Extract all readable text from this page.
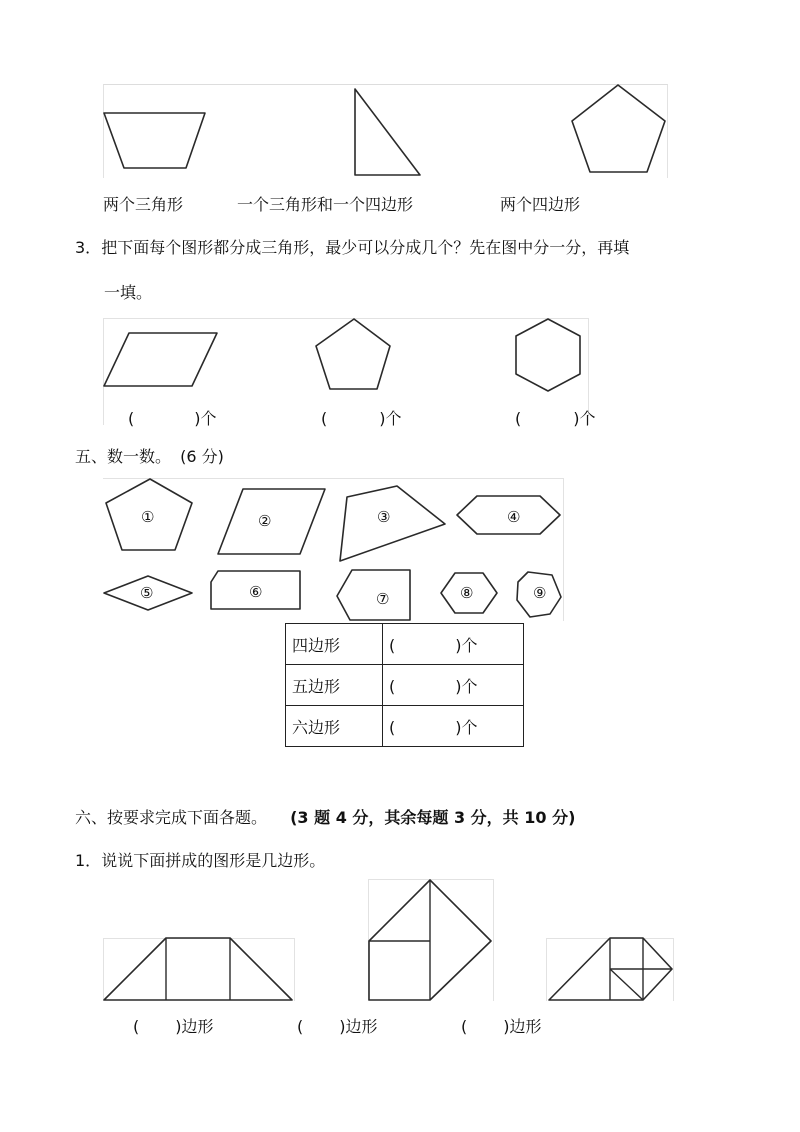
两个三角形	一个三角形和一个四边形	两个四边形
3．把下面每个图形都分成三角形，最少可以分成几个？先在图中分一分，再填
一填。
(	)个	(	)个	(	)个
五、数一数。 (6 分)
①	②	③	④
⑤	⑥	⑦	⑧	⑨
四边形	( )个
五边形	( )个
六边形	( )个
六、按要求完成下面各题。 (3 题 4 分，其余每题 3 分，共 10 分)
1．说说下面拼成的图形是几边形。
( )边形	( )边形	( )边形
